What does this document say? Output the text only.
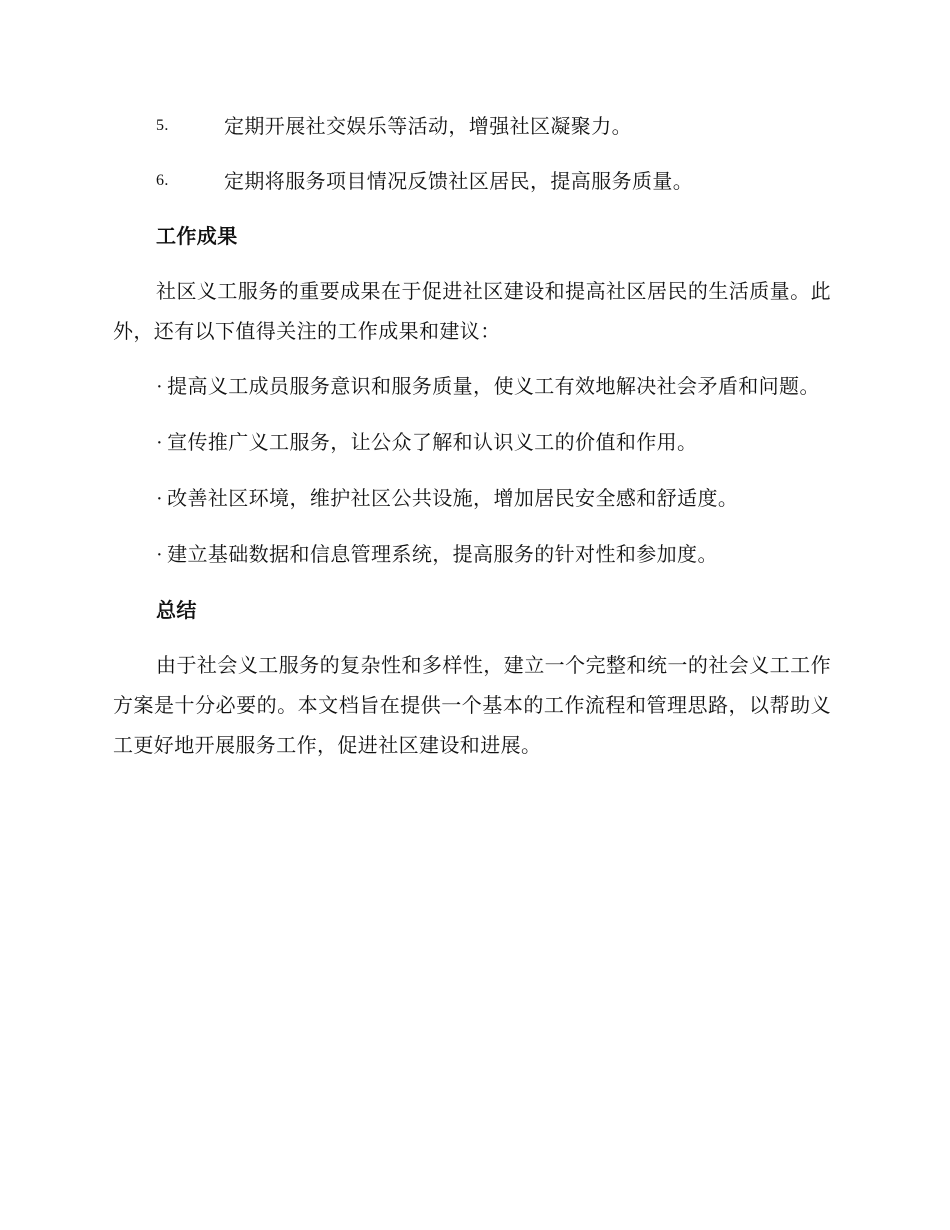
5.	定期开展社交娱乐等活动，增强社区凝聚力。
6.	定期将服务项目情况反馈社区居民，提高服务质量。
工作成果

社区义工服务的重要成果在于促进社区建设和提高社区居民的生活质量。此外，还有以下值得关注的工作成果和建议：

· 提高义工成员服务意识和服务质量，使义工有效地解决社会矛盾和问题。

· 宣传推广义工服务，让公众了解和认识义工的价值和作用。

· 改善社区环境，维护社区公共设施，增加居民安全感和舒适度。

· 建立基础数据和信息管理系统，提高服务的针对性和参加度。

总结

由于社会义工服务的复杂性和多样性，建立一个完整和统一的社会义工工作方案是十分必要的。本文档旨在提供一个基本的工作流程和管理思路，以帮助义工更好地开展服务工作，促进社区建设和进展。
